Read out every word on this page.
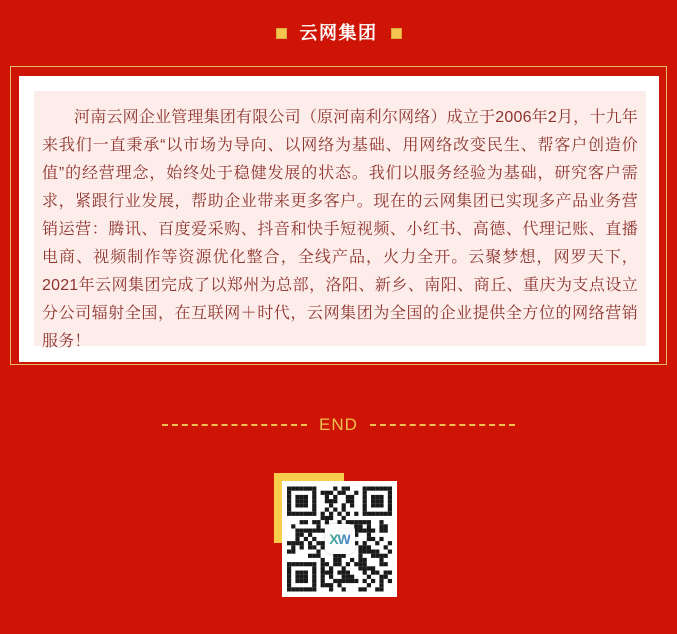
云网集团

河南云网企业管理集团有限公司（原河南利尔网络）成立于2006年2月，十九年来我们一直秉承“以市场为导向、以网络为基础、用网络改变民生、帮客户创造价值”的经营理念，始终处于稳健发展的状态。我们以服务经验为基础，研究客户需求，紧跟行业发展，帮助企业带来更多客户。现在的云网集团已实现多产品业务营销运营：腾讯、百度爱采购、抖音和快手短视频、小红书、高德、代理记账、直播电商、视频制作等资源优化整合，全线产品，火力全开。云聚梦想，网罗天下，2021年云网集团完成了以郑州为总部，洛阳、新乡、南阳、商丘、重庆为支点设立分公司辐射全国，在互联网＋时代，云网集团为全国的企业提供全方位的网络营销服务！

END
XW
